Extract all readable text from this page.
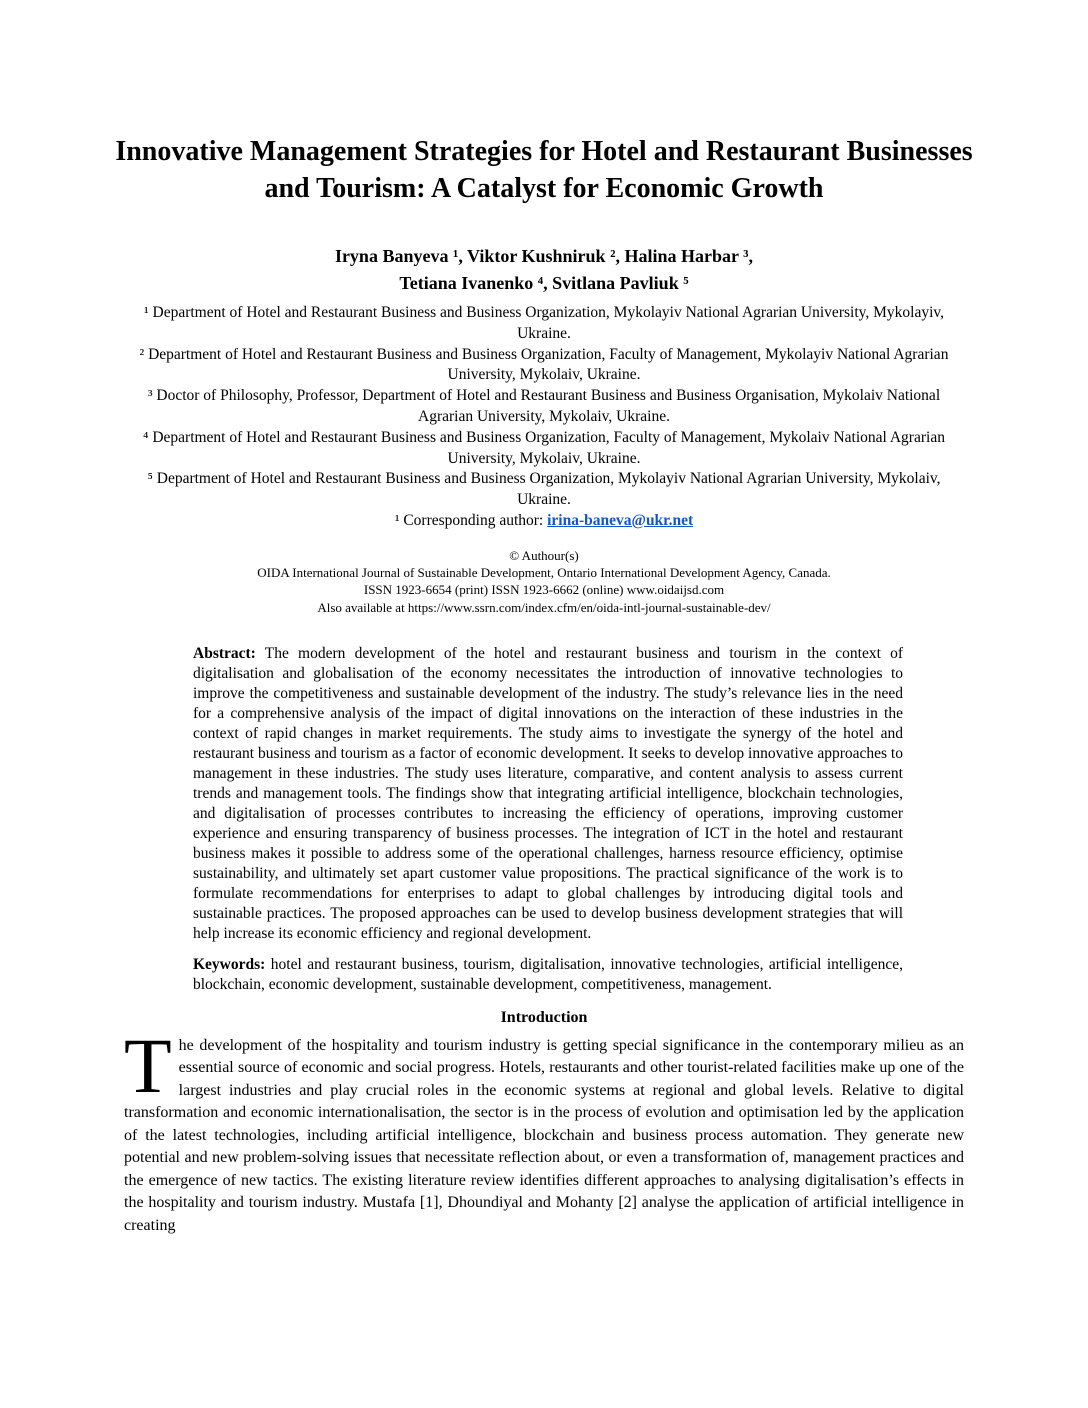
Innovative Management Strategies for Hotel and Restaurant Businesses and Tourism: A Catalyst for Economic Growth
Iryna Banyeva ¹, Viktor Kushniruk ², Halina Harbar ³,
Tetiana Ivanenko ⁴, Svitlana Pavliuk ⁵

¹ Department of Hotel and Restaurant Business and Business Organization, Mykolayiv National Agrarian University, Mykolayiv, Ukraine.

² Department of Hotel and Restaurant Business and Business Organization, Faculty of Management, Mykolayiv National Agrarian University, Mykolaiv, Ukraine.

³ Doctor of Philosophy, Professor, Department of Hotel and Restaurant Business and Business Organisation, Mykolaiv National Agrarian University, Mykolaiv, Ukraine.

⁴ Department of Hotel and Restaurant Business and Business Organization, Faculty of Management, Mykolaiv National Agrarian University, Mykolaiv, Ukraine.

⁵ Department of Hotel and Restaurant Business and Business Organization, Mykolayiv National Agrarian University, Mykolaiv, Ukraine.

¹ Corresponding author: irina-baneva@ukr.net

© Authour(s)
OIDA International Journal of Sustainable Development, Ontario International Development Agency, Canada.
ISSN 1923-6654 (print) ISSN 1923-6662 (online) www.oidaijsd.com
Also available at https://www.ssrn.com/index.cfm/en/oida-intl-journal-sustainable-dev/

Abstract: The modern development of the hotel and restaurant business and tourism in the context of digitalisation and globalisation of the economy necessitates the introduction of innovative technologies to improve the competitiveness and sustainable development of the industry. The study’s relevance lies in the need for a comprehensive analysis of the impact of digital innovations on the interaction of these industries in the context of rapid changes in market requirements. The study aims to investigate the synergy of the hotel and restaurant business and tourism as a factor of economic development. It seeks to develop innovative approaches to management in these industries. The study uses literature, comparative, and content analysis to assess current trends and management tools. The findings show that integrating artificial intelligence, blockchain technologies, and digitalisation of processes contributes to increasing the efficiency of operations, improving customer experience and ensuring transparency of business processes. The integration of ICT in the hotel and restaurant business makes it possible to address some of the operational challenges, harness resource efficiency, optimise sustainability, and ultimately set apart customer value propositions. The practical significance of the work is to formulate recommendations for enterprises to adapt to global challenges by introducing digital tools and sustainable practices. The proposed approaches can be used to develop business development strategies that will help increase its economic efficiency and regional development.

Keywords: hotel and restaurant business, tourism, digitalisation, innovative technologies, artificial intelligence, blockchain, economic development, sustainable development, competitiveness, management.

Introduction

The development of the hospitality and tourism industry is getting special significance in the contemporary milieu as an essential source of economic and social progress. Hotels, restaurants and other tourist-related facilities make up one of the largest industries and play crucial roles in the economic systems at regional and global levels. Relative to digital transformation and economic internationalisation, the sector is in the process of evolution and optimisation led by the application of the latest technologies, including artificial intelligence, blockchain and business process automation. They generate new potential and new problem-solving issues that necessitate reflection about, or even a transformation of, management practices and the emergence of new tactics. The existing literature review identifies different approaches to analysing digitalisation’s effects in the hospitality and tourism industry. Mustafa [1], Dhoundiyal and Mohanty [2] analyse the application of artificial intelligence in creating
